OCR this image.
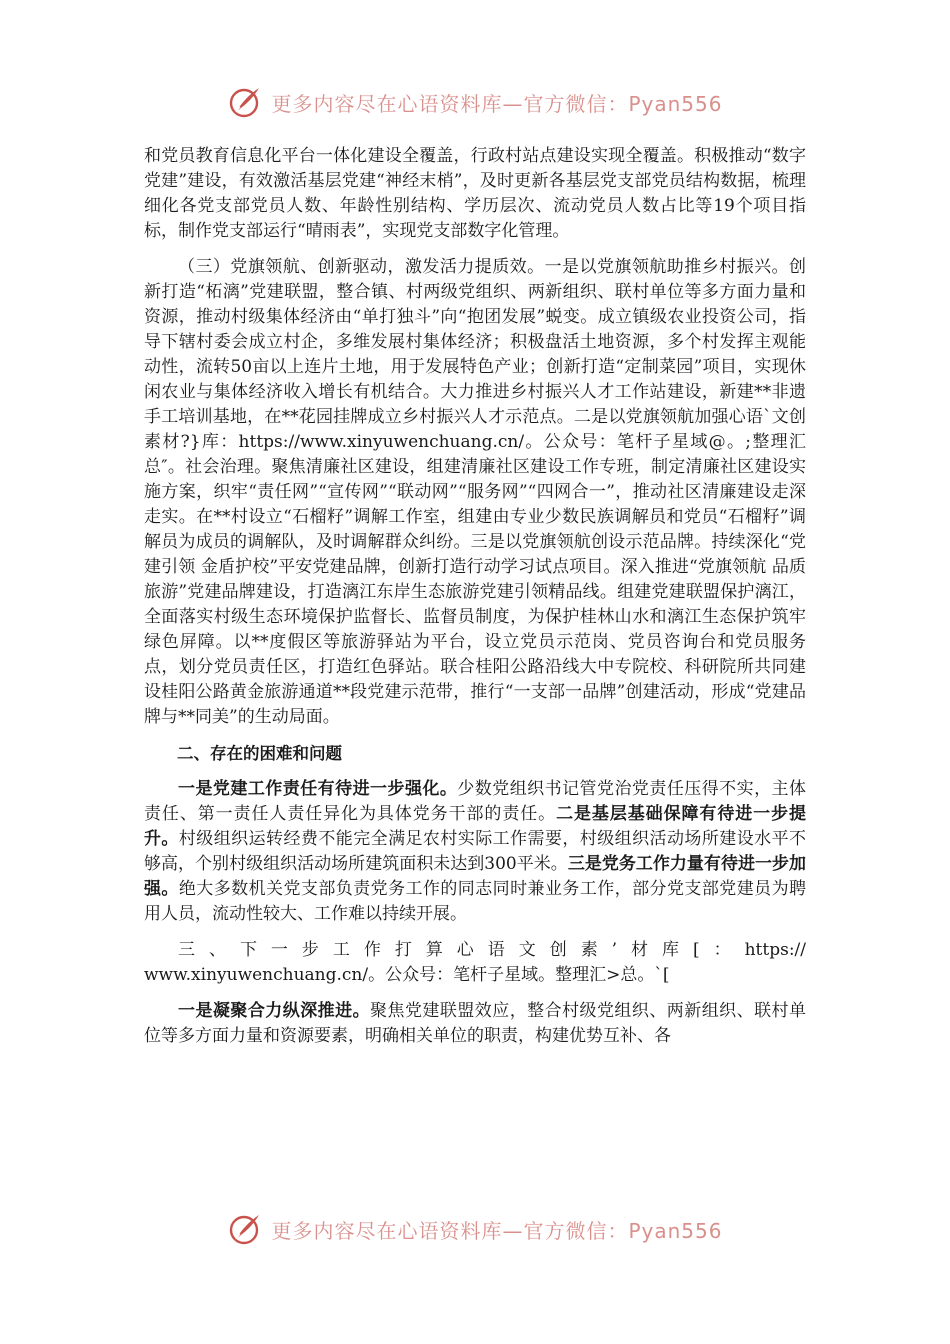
更多内容尽在心语资料库—官方微信：Pyan556

和党员教育信息化平台一体化建设全覆盖，行政村站点建设实现全覆盖。积极推动“数字党建”建设，有效激活基层党建“神经末梢”，及时更新各基层党支部党员结构数据，梳理细化各党支部党员人数、年龄性别结构、学历层次、流动党员人数占比等19个项目指标，制作党支部运行“晴雨表”，实现党支部数字化管理。

（三）党旗领航、创新驱动，激发活力提质效。一是以党旗领航助推乡村振兴。创新打造“柘漓”党建联盟，整合镇、村两级党组织、两新组织、联村单位等多方面力量和资源，推动村级集体经济由“单打独斗”向“抱团发展”蜕变。成立镇级农业投资公司，指导下辖村委会成立村企，多维发展村集体经济；积极盘活土地资源，多个村发挥主观能动性，流转50亩以上连片土地，用于发展特色产业；创新打造“定制菜园”项目，实现休闲农业与集体经济收入增长有机结合。大力推进乡村振兴人才工作站建设，新建**非遗手工培训基地，在**花园挂牌成立乡村振兴人才示范点。二是以党旗领航加强心语`文创素材?}库：https://www.xinyuwenchuang.cn/。公众号：笔杆子星域@。;整理汇总″。社会治理。聚焦清廉社区建设，组建清廉社区建设工作专班，制定清廉社区建设实施方案，织牢“责任网”“宣传网”“联动网”“服务网”“四网合一”，推动社区清廉建设走深走实。在**村设立“石榴籽”调解工作室，组建由专业少数民族调解员和党员“石榴籽”调解员为成员的调解队，及时调解群众纠纷。三是以党旗领航创设示范品牌。持续深化“党建引领 金盾护校”平安党建品牌，创新打造行动学习试点项目。深入推进“党旗领航 品质旅游”党建品牌建设，打造漓江东岸生态旅游党建引领精品线。组建党建联盟保护漓江，全面落实村级生态环境保护监督长、监督员制度，为保护桂林山水和漓江生态保护筑牢绿色屏障。以**度假区等旅游驿站为平台，设立党员示范岗、党员咨询台和党员服务点，划分党员责任区，打造红色驿站。联合桂阳公路沿线大中专院校、科研院所共同建设桂阳公路黄金旅游通道**段党建示范带，推行“一支部一品牌”创建活动，形成“党建品牌与**同美”的生动局面。

二、存在的困难和问题

一是党建工作责任有待进一步强化。少数党组织书记管党治党责任压得不实，主体责任、第一责任人责任异化为具体党务干部的责任。二是基层基础保障有待进一步提升。村级组织运转经费不能完全满足农村实际工作需要，村级组织活动场所建设水平不够高，个别村级组织活动场所建筑面积未达到300平米。三是党务工作力量有待进一步加强。绝大多数机关党支部负责党务工作的同志同时兼业务工作，部分党支部党建员为聘用人员，流动性较大、工作难以持续开展。

三、下一步工作打算心语文创素’材库[：https://
www.xinyuwenchuang.cn/。公众号：笔杆子星域。整理汇>总。`[

一是凝聚合力纵深推进。聚焦党建联盟效应，整合村级党组织、两新组织、联村单位等多方面力量和资源要素，明确相关单位的职责，构建优势互补、各

更多内容尽在心语资料库—官方微信：Pyan556
